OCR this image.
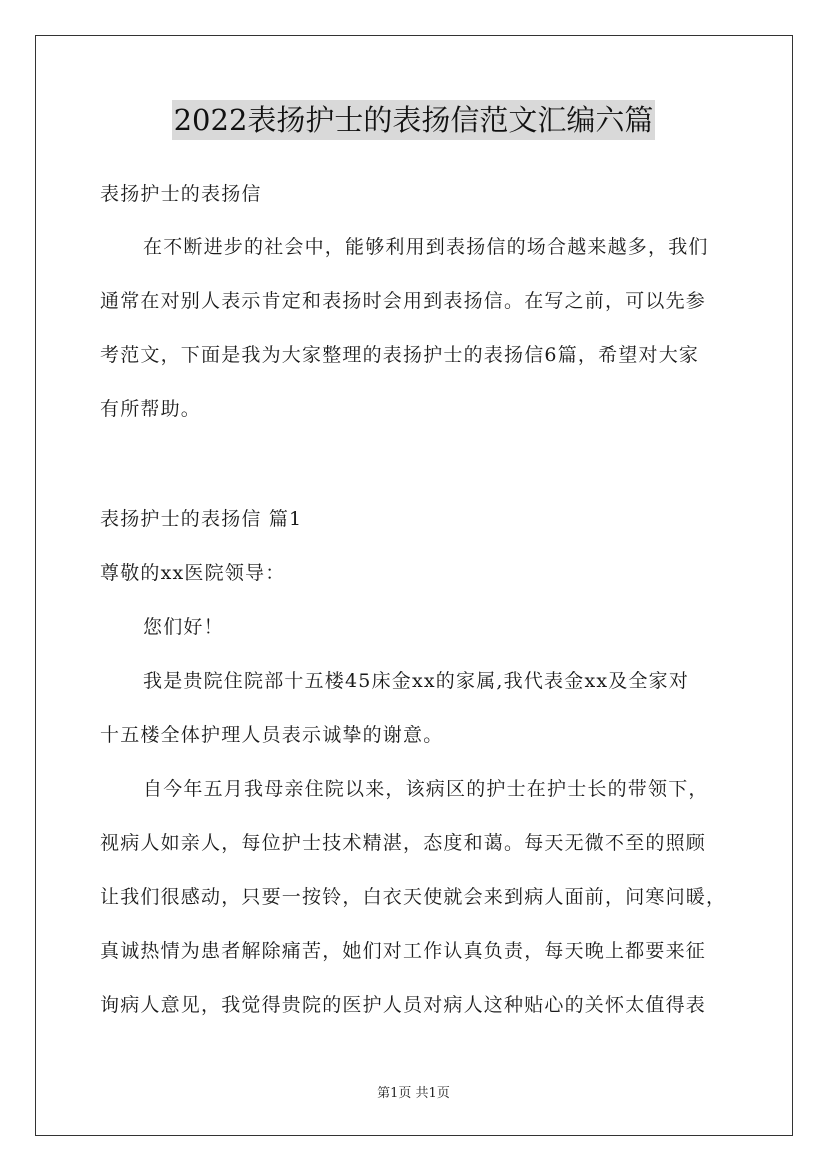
2022表扬护士的表扬信范文汇编六篇
表扬护士的表扬信
在不断进步的社会中，能够利用到表扬信的场合越来越多，我们
通常在对别人表示肯定和表扬时会用到表扬信。在写之前，可以先参
考范文，下面是我为大家整理的表扬护士的表扬信6篇，希望对大家
有所帮助。
表扬护士的表扬信 篇1
尊敬的xx医院领导：
您们好！
我是贵院住院部十五楼45床金xx的家属,我代表金xx及全家对
十五楼全体护理人员表示诚挚的谢意。
自今年五月我母亲住院以来，该病区的护士在护士长的带领下，
视病人如亲人，每位护士技术精湛，态度和蔼。每天无微不至的照顾
让我们很感动，只要一按铃，白衣天使就会来到病人面前，问寒问暖，
真诚热情为患者解除痛苦，她们对工作认真负责，每天晚上都要来征
询病人意见，我觉得贵院的医护人员对病人这种贴心的关怀太值得表
第1页 共1页
